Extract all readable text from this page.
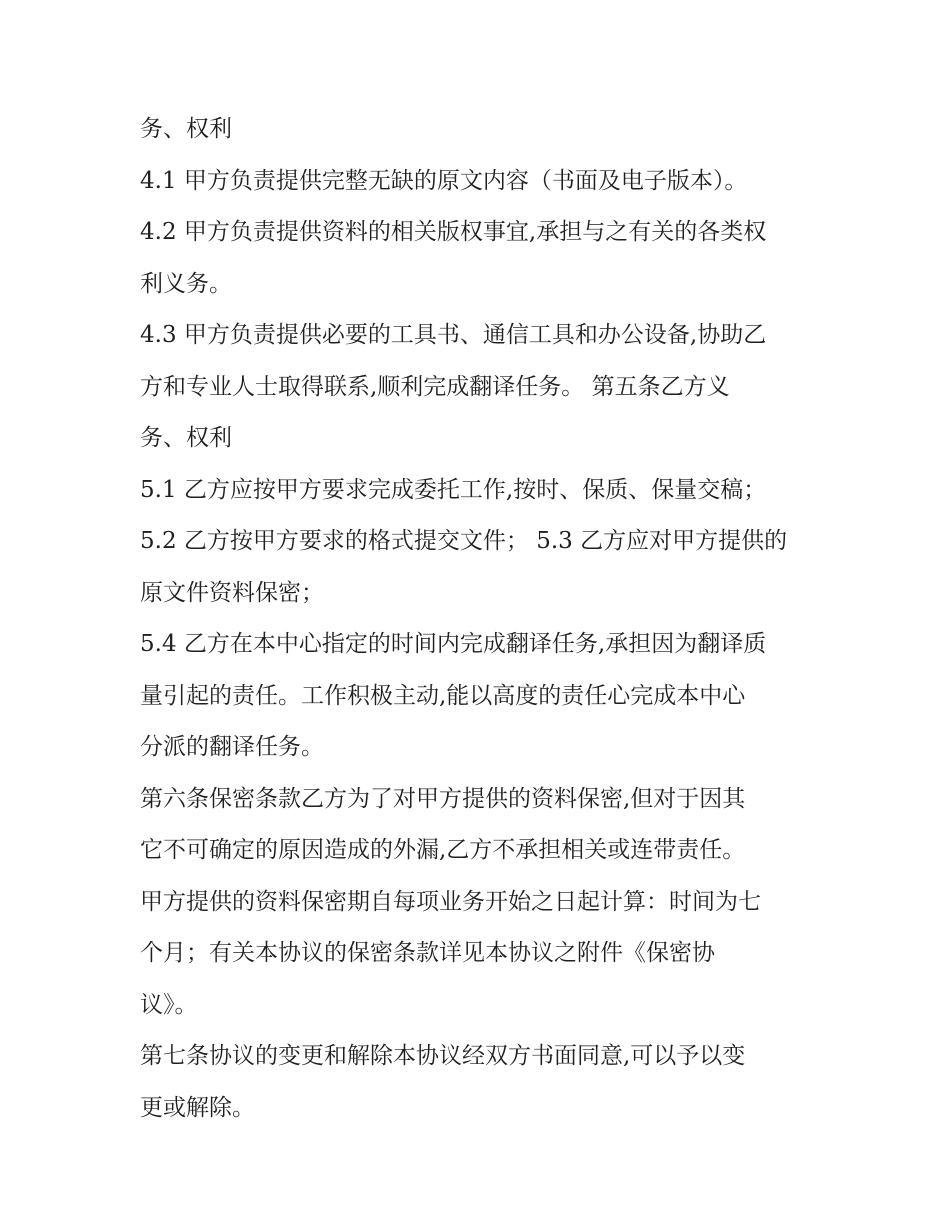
务、权利
4.1 甲方负责提供完整无缺的原文内容（书面及电子版本）。
4.2 甲方负责提供资料的相关版权事宜,承担与之有关的各类权
利义务。
4.3 甲方负责提供必要的工具书、通信工具和办公设备,协助乙
方和专业人士取得联系,顺利完成翻译任务。 第五条乙方义
务、权利
5.1 乙方应按甲方要求完成委托工作,按时、保质、保量交稿；
5.2 乙方按甲方要求的格式提交文件； 5.3 乙方应对甲方提供的
原文件资料保密；
5.4 乙方在本中心指定的时间内完成翻译任务,承担因为翻译质
量引起的责任。工作积极主动,能以高度的责任心完成本中心
分派的翻译任务。
第六条保密条款乙方为了对甲方提供的资料保密,但对于因其
它不可确定的原因造成的外漏,乙方不承担相关或连带责任。
甲方提供的资料保密期自每项业务开始之日起计算：时间为七
个月；有关本协议的保密条款详见本协议之附件《保密协
议》。
第七条协议的变更和解除本协议经双方书面同意,可以予以变
更或解除。
